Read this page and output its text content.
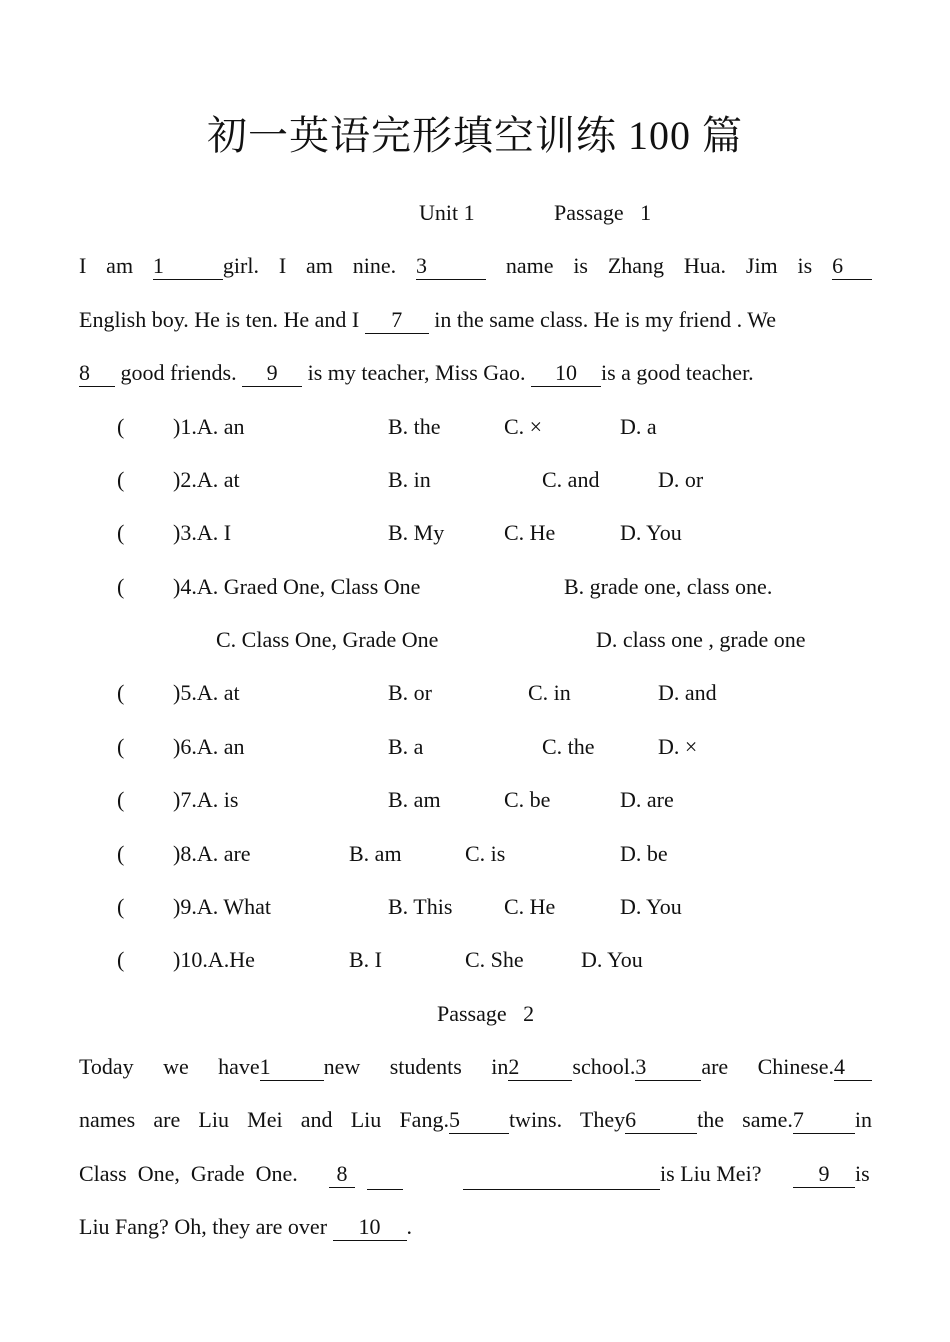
初一英语完形填空训练 100 篇
Unit 1	Passage   1
I am 1	girl. I am nine. 3	name is Zhang Hua. Jim is 6
English boy. He is ten. He and I 7 in the same class. He is my friend . We
8 good friends. 9 is my teacher, Miss Gao. 10 is a good teacher.
( )1.A. an	B. the	C. ×	D. a
( )2.A. at	B. in	C. and	D. or
( )3.A. I	B. My	C. He	D. You
( )4.A. Graed One, Class One	B. grade one, class one.
C. Class One, Grade One	D. class one , grade one
( )5.A. at	B. or	C. in	D. and
( )6.A. an	B. a	C. the	D. ×
( )7.A. is	B. am	C. be	D. are
( )8.A. are	B. am	C. is	D. be
( )9.A. What	B. This C. He	D. You
( )10.A.He	B. I	C. She	D. You
Passage   2
Today we have1 new students in2 school.3	are Chinese.4
names are Liu Mei and Liu Fang.5 twins. They6	the same.7 in
Class One, Grade One.	8	is Liu Mei?	9	is
Liu Fang? Oh, they are over 10 .
